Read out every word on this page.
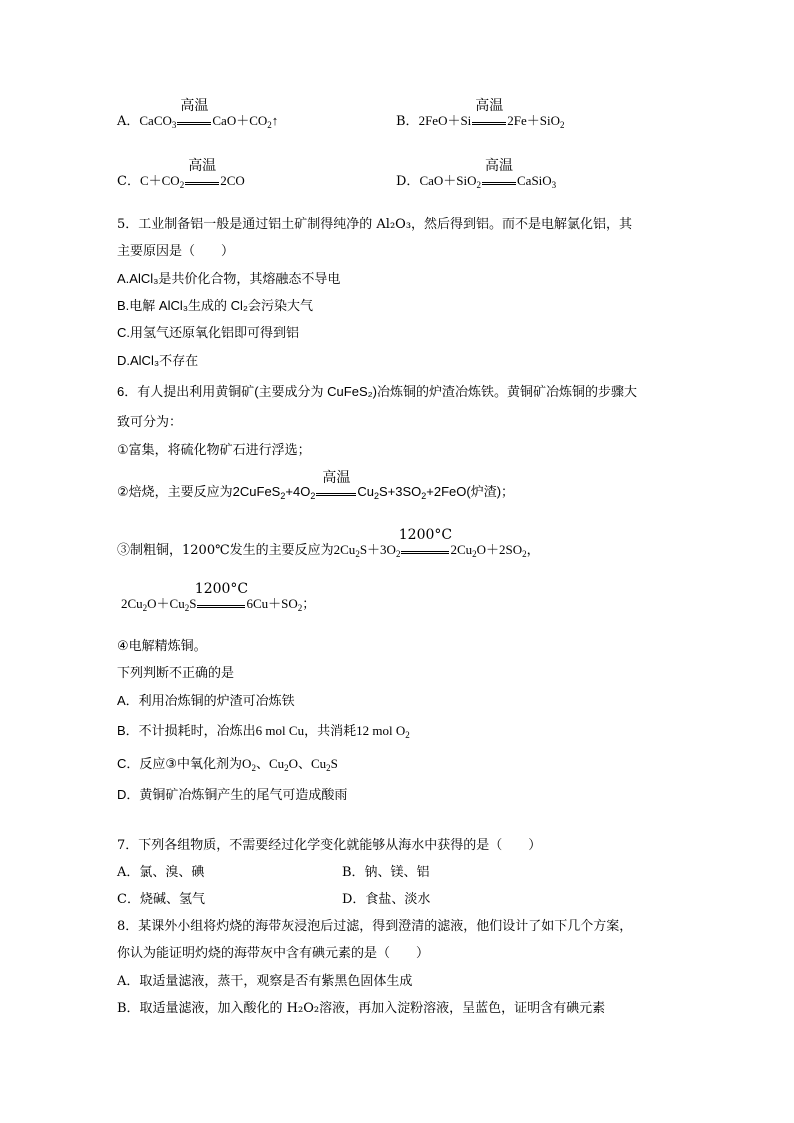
A．CaCO$_3$
高温
$CaO+CO_2↑$	B．2FeO＋Si
高温
2Fe＋SiO$_2$
C．$C+CO_2$
高温
2CO	D．CaO＋SiO$_2$
高温
CaSiO$_3$
5．工业制备铝一般是通过铝土矿制得纯净的 Al₂O₃，然后得到铝。而不是电解氯化铝，其
主要原因是（　　）
A.AlCl₃是共价化合物，其熔融态不导电
B.电解 AlCl₃生成的 Cl₂会污染大气
C.用氢气还原氧化铝即可得到铝
D.AlCl₃不存在
6．有人提出利用黄铜矿(主要成分为 CuFeS₂)冶炼铜的炉渣冶炼铁。黄铜矿冶炼铜的步骤大
致可分为：
①富集，将硫化物矿石进行浮选；
②焙烧，主要反应为$2CuFeS_2+4O_2$
高温
$Cu_2S+3SO_2+2FeO$(炉渣)；
③制粗铜，1200℃发生的主要反应为$2Cu_2S+3O_2$
1200°C
$2Cu_2O+2SO_2$，
$2Cu_2O+Cu_2S$
1200°C
$6Cu+SO_2$；
④电解精炼铜。
下列判断不正确的是
A．利用冶炼铜的炉渣可冶炼铁
B．不计损耗时，冶炼出6 mol Cu，共消耗12 mol $O_2$
C．反应③中氧化剂为$O_2$、$Cu_2O$、$Cu_2S$
D．黄铜矿冶炼铜产生的尾气可造成酸雨
7．下列各组物质，不需要经过化学变化就能够从海水中获得的是（　　）
A．氯、溴、碘	B．钠、镁、铝
C．烧碱、氢气	D．食盐、淡水
8．某课外小组将灼烧的海带灰浸泡后过滤，得到澄清的滤液，他们设计了如下几个方案，
你认为能证明灼烧的海带灰中含有碘元素的是（　　）
A．取适量滤液，蒸干，观察是否有紫黑色固体生成
B．取适量滤液，加入酸化的 H₂O₂溶液，再加入淀粉溶液，呈蓝色，证明含有碘元素
